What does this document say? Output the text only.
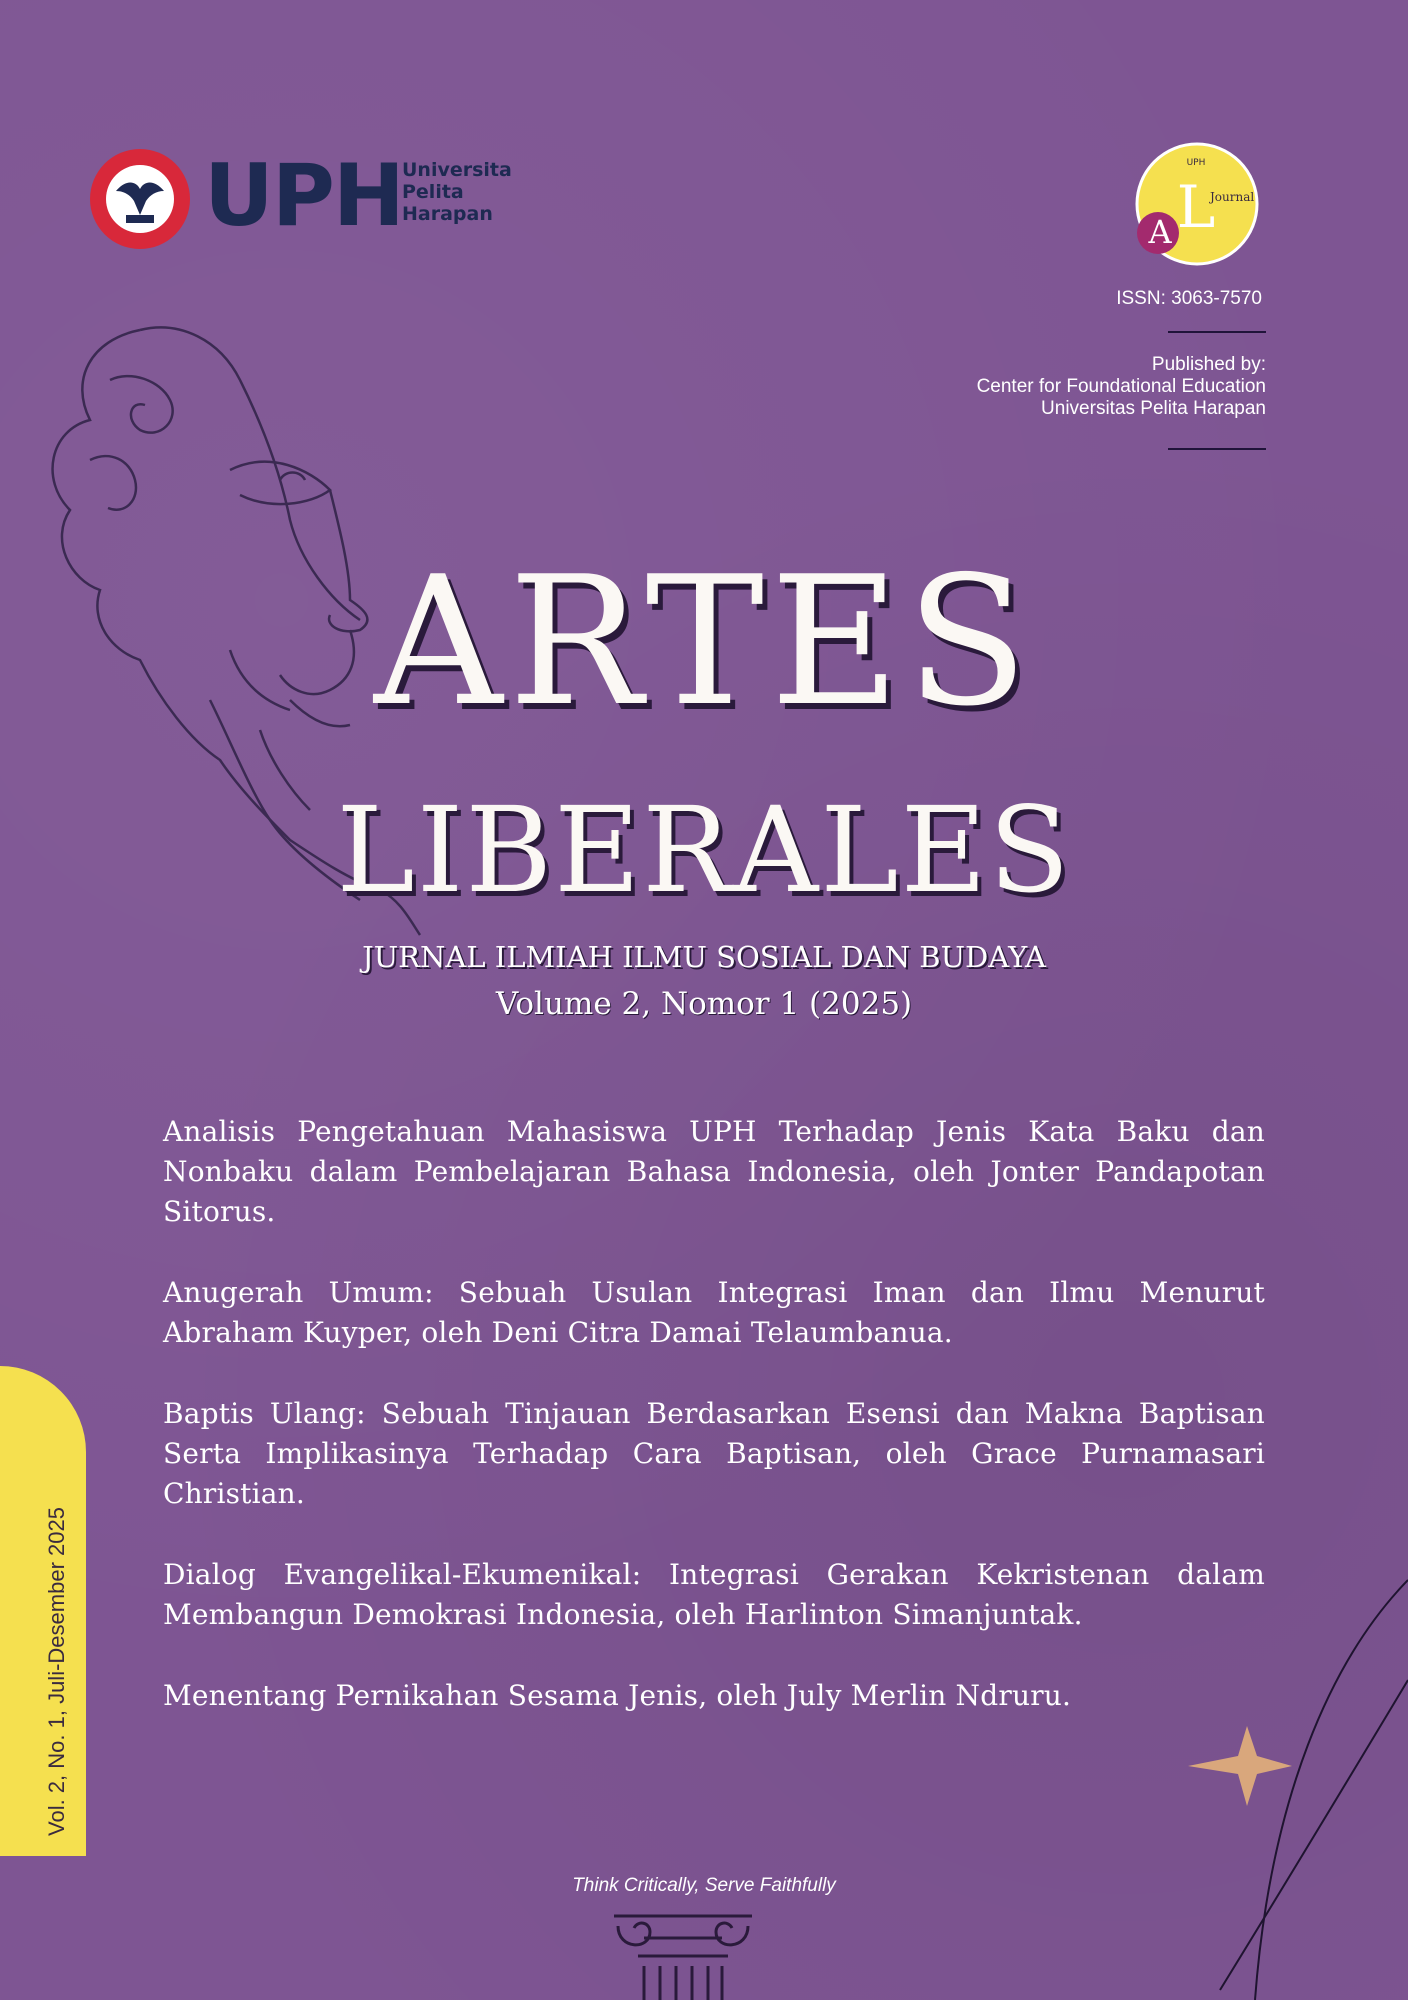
UPH Universita
Pelita
Harapan	A L
Journal
UPH
ISSN: 3063-7570
Published by:
Center for Foundational Education
Universitas Pelita Harapan
ARTES
LIBERALES
JURNAL ILMIAH ILMU SOSIAL DAN BUDAYA
Volume 2, Nomor 1 (2025)
Analisis Pengetahuan Mahasiswa UPH Terhadap Jenis Kata Baku dan Nonbaku dalam Pembelajaran Bahasa Indonesia, oleh Jonter Pandapotan Sitorus.
Anugerah Umum: Sebuah Usulan Integrasi Iman dan Ilmu Menurut Abraham Kuyper, oleh Deni Citra Damai Telaumbanua.
Baptis Ulang: Sebuah Tinjauan Berdasarkan Esensi dan Makna Baptisan Serta Implikasinya Terhadap Cara Baptisan, oleh Grace Purnamasari Christian.
Dialog Evangelikal-Ekumenikal: Integrasi Gerakan Kekristenan dalam Membangun Demokrasi Indonesia, oleh Harlinton Simanjuntak.
Menentang Pernikahan Sesama Jenis, oleh July Merlin Ndruru.
Vol. 2, No. 1, Juli-Desember 2025
Think Critically, Serve Faithfully
